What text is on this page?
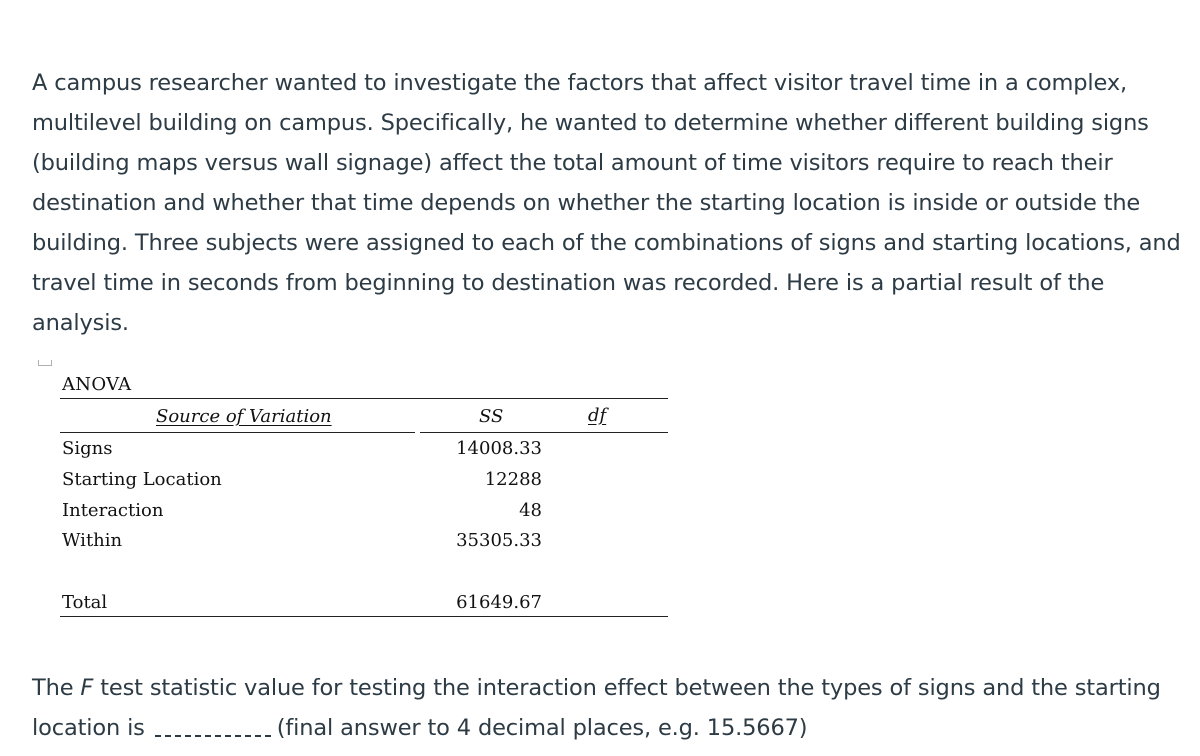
A campus researcher wanted to investigate the factors that affect visitor travel time in a complex, multilevel building on campus. Specifically, he wanted to determine whether different building signs (building maps versus wall signage) affect the total amount of time visitors require to reach their destination and whether that time depends on whether the starting location is inside or outside the building. Three subjects were assigned to each of the combinations of signs and starting locations, and travel time in seconds from beginning to destination was recorded. Here is a partial result of the analysis.

ANOVA
Source of Variation	SS	df
Signs	14008.33
Starting Location	12288
Interaction	48
Within	35305.33
Total	61649.67

The F test statistic value for testing the interaction effect between the types of signs and the starting location is	(final answer to 4 decimal places, e.g. 15.5667)
